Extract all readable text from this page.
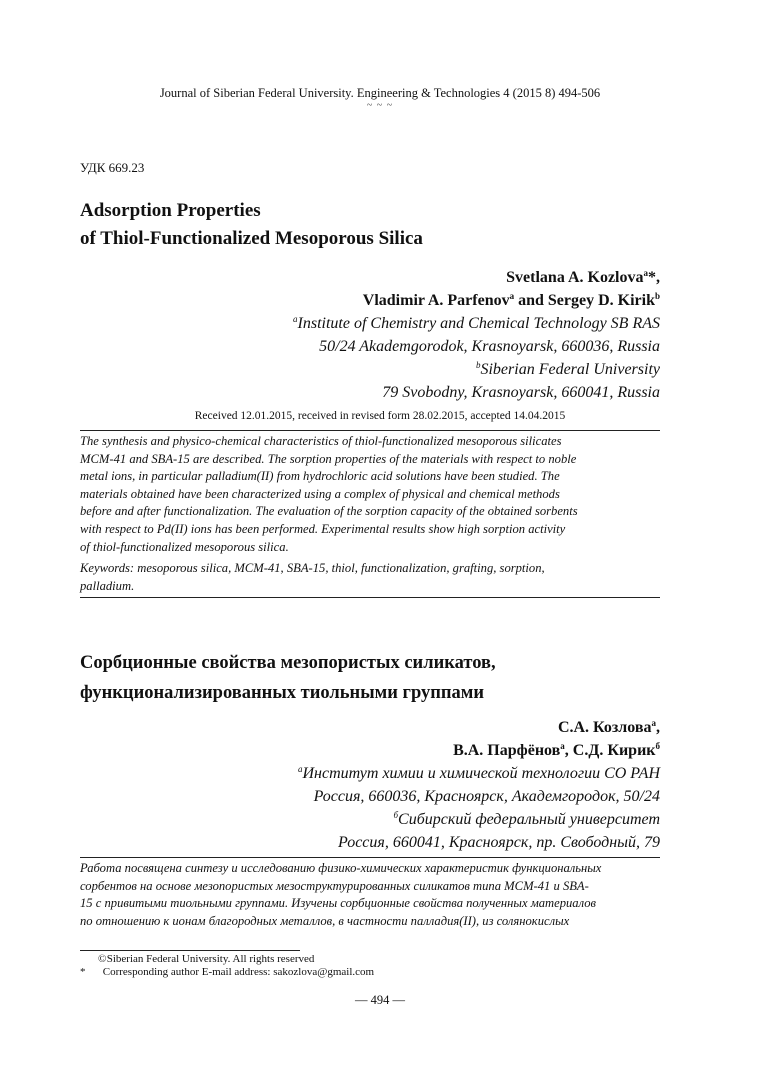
Journal of Siberian Federal University. Engineering & Technologies 4 (2015 8) 494-506
~ ~ ~
УДК 669.23
Adsorption Properties
of Thiol-Functionalized Mesoporous Silica
Svetlana A. Kozlova$^a$*,
Vladimir A. Parfenov$^a$ and Sergey D. Kirik$^b$
$^a$Institute of Chemistry and Chemical Technology SB RAS
50/24 Akademgorodok, Krasnoyarsk, 660036, Russia
$^b$Siberian Federal University
79 Svobodny, Krasnoyarsk, 660041, Russia
Received 12.01.2015, received in revised form 28.02.2015, accepted 14.04.2015
The synthesis and physico-chemical characteristics of thiol-functionalized mesoporous silicates
MCM-41 and SBA-15 are described. The sorption properties of the materials with respect to noble
metal ions, in particular palladium(II) from hydrochloric acid solutions have been studied. The
materials obtained have been characterized using a complex of physical and chemical methods
before and after functionalization. The evaluation of the sorption capacity of the obtained sorbents
with respect to Pd(II) ions has been performed. Experimental results show high sorption activity
of thiol-functionalized mesoporous silica.
Keywords: mesoporous silica, MCM-41, SBA-15, thiol, functionalization, grafting, sorption,
palladium.
Сорбционные свойства мезопористых силикатов,
функционализированных тиольными группами
С.А. Козлова$^а$,
В.А. Парфёнов$^а$, С.Д. Кирик$^б$
$^а$Институт химии и химической технологии СО РАН
Россия, 660036, Красноярск, Академгородок, 50/24
$^б$Сибирский федеральный университет
Россия, 660041, Красноярск, пр. Свободный, 79
Работа посвящена синтезу и исследованию физико-химических характеристик функциональных
сорбентов на основе мезопористых мезоструктурированных силикатов типа MCM-41 и SBA-
15 с привитыми тиольными группами. Изучены сорбционные свойства полученных материалов
по отношению к ионам благородных металлов, в частности палладия(II), из солянокислых
© Siberian Federal University. All rights reserved
* Corresponding author E-mail address: sakozlova@gmail.com
— 494 —
